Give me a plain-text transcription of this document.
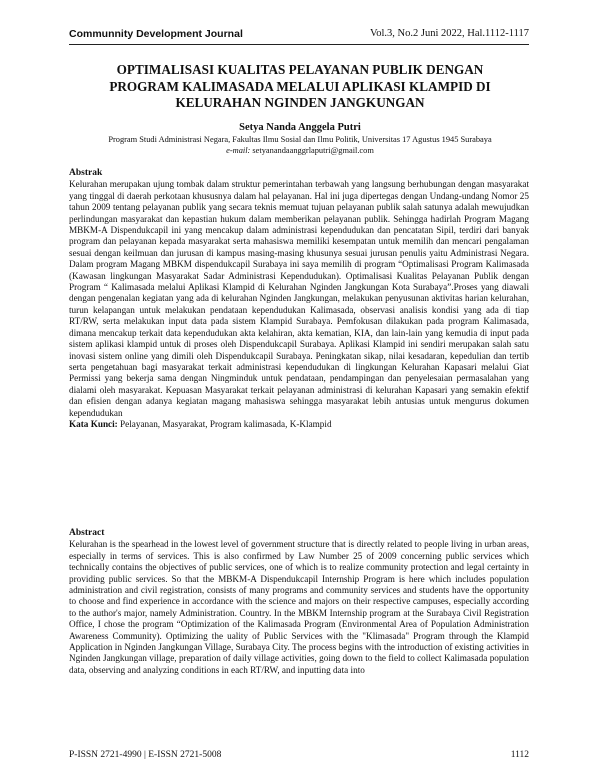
Communnity Development Journal	Vol.3, No.2 Juni 2022, Hal.1112-1117
OPTIMALISASI KUALITAS PELAYANAN PUBLIK DENGAN
PROGRAM KALIMASADA MELALUI APLIKASI KLAMPID DI
KELURAHAN NGINDEN JANGKUNGAN
Setya Nanda Anggela Putri
Program Studi Administrasi Negara, Fakultas Ilmu Sosial dan Ilmu Politik, Universitas 17 Agustus 1945 Surabaya
e-mail: setyanandaanggrlaputri@gmail.com
Abstrak

Kelurahan merupakan ujung tombak dalam struktur pemerintahan terbawah yang langsung berhubungan dengan masyarakat yang tinggal di daerah perkotaan khususnya dalam hal pelayanan. Hal ini juga dipertegas dengan Undang-undang Nomor 25 tahun 2009 tentang pelayanan publik yang secara teknis memuat tujuan pelayanan publik salah satunya adalah mewujudkan perlindungan masyarakat dan kepastian hukum dalam memberikan pelayanan publik. Sehingga hadirlah Program Magang MBKM-A Dispendukcapil ini yang mencakup dalam administrasi kependudukan dan pencatatan Sipil, terdiri dari banyak program dan pelayanan kepada masyarakat serta mahasiswa memiliki kesempatan untuk memilih dan mencari pengalaman sesuai dengan keilmuan dan jurusan di kampus masing-masing khusunya sesuai jurusan penulis yaitu Administrasi Negara. Dalam program Magang MBKM dispendukcapil Surabaya ini saya memilih di program “Optimalisasi Program Kalimasada (Kawasan lingkungan Masyarakat Sadar Administrasi Kependudukan). Optimalisasi Kualitas Pelayanan Publik dengan Program “ Kalimasada melalui Aplikasi Klampid di Kelurahan Nginden Jangkungan Kota Surabaya”.Proses yang diawali dengan pengenalan kegiatan yang ada di kelurahan Nginden Jangkungan, melakukan penyusunan aktivitas harian kelurahan, turun kelapangan untuk melakukan pendataan kependudukan Kalimasada, observasi analisis kondisi yang ada di tiap RT/RW, serta melakukan input data pada sistem Klampid Surabaya. Pemfokusan dilakukan pada program Kalimasada, dimana mencakup terkait data kependudukan akta kelahiran, akta kematian, KIA, dan lain-lain yang kemudia di input pada sistem aplikasi klampid untuk di proses oleh Dispendukcapil Surabaya. Aplikasi Klampid ini sendiri merupakan salah satu inovasi sistem online yang dimili oleh Dispendukcapil Surabaya. Peningkatan sikap, nilai kesadaran, kepedulian dan tertib serta pengetahuan bagi masyarakat terkait administrasi kependudukan di lingkungan Kelurahan Kapasari melalui Giat Permissi yang bekerja sama dengan Ningminduk untuk pendataan, pendampingan dan penyelesaian permasalahan yang dialami oleh masyarakat. Kepuasan Masyarakat terkait pelayanan administrasi di kelurahan Kapasari yang semakin efektif dan efisien dengan adanya kegiatan magang mahasiswa sehingga masyarakat lebih antusias untuk mengurus dokumen kependudukan

Kata Kunci: Pelayanan, Masyarakat, Program kalimasada, K-Klampid

Abstract

Kelurahan is the spearhead in the lowest level of government structure that is directly related to people living in urban areas, especially in terms of services. This is also confirmed by Law Number 25 of 2009 concerning public services which technically contains the objectives of public services, one of which is to realize community protection and legal certainty in providing public services. So that the MBKM-A Dispendukcapil Internship Program is here which includes population administration and civil registration, consists of many programs and community services and students have the opportunity to choose and find experience in accordance with the science and majors on their respective campuses, especially according to the author's major, namely Administration. Country. In the MBKM Internship program at the Surabaya Civil Registration Office, I chose the program “Optimization of the Kalimasada Program (Environmental Area of Population Administration Awareness Community). Optimizing the uality of Public Services with the "Klimasada" Program through the Klampid Application in Nginden Jangkungan Village, Surabaya City. The process begins with the introduction of existing activities in Nginden Jangkungan village, preparation of daily village activities, going down to the field to collect Kalimasada population data, observing and analyzing conditions in each RT/RW, and inputting data into

P-ISSN 2721-4990 | E-ISSN 2721-5008	1112
